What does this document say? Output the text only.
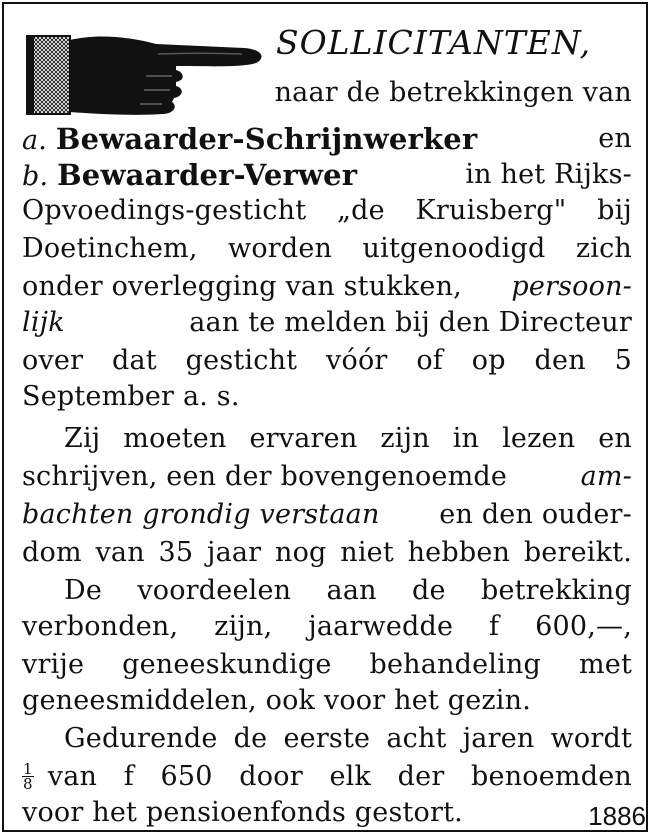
SOLLICITANTEN,
naar de betrekkingen van
a. Bewaarder-Schrijnwerker	en
b. Bewaarder-Verwer	in het Rijks-
Opvoedings-gesticht „de Kruisberg" bij
Doetinchem, worden uitgenoodigd zich
onder overlegging van stukken, persoon-
lijk	aan te melden bij den Directeur
over dat gesticht vóór of op den 5
September a. s.
Zij moeten ervaren zijn in lezen en
schrijven, een der bovengenoemde	am-
bachten grondig verstaan en den ouder-
dom van 35 jaar nog niet hebben bereikt.
De voordeelen aan de betrekking
verbonden, zijn, jaarwedde f 600,—,
vrije geneeskundige behandeling met
geneesmiddelen, ook voor het gezin.
Gedurende de eerste acht jaren wordt
$\frac{1}{8}$ van f 650 door elk der benoemden
voor het pensioenfonds gestort.	1886
